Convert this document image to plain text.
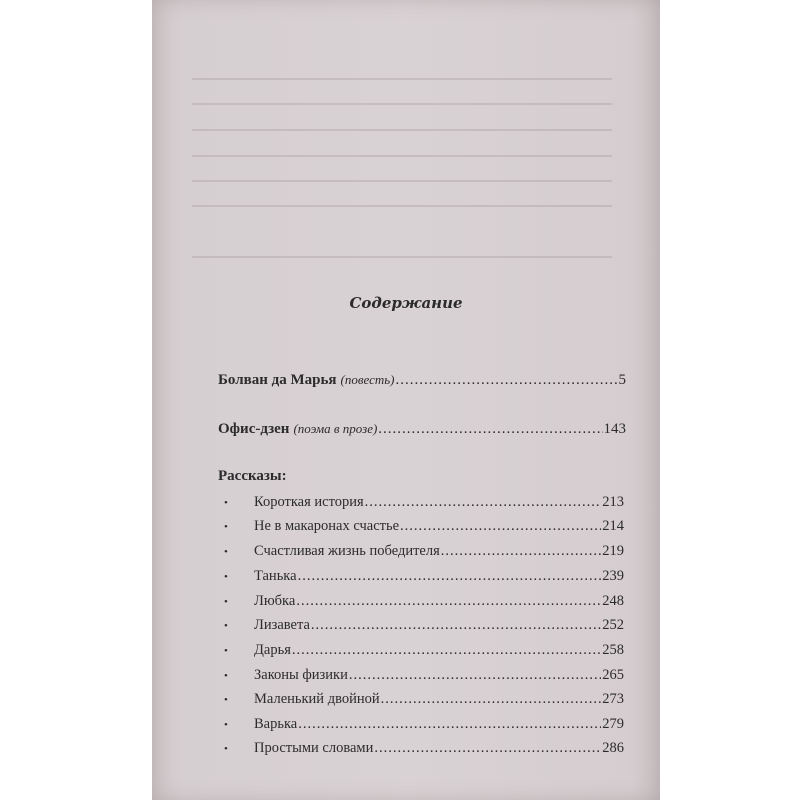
Содержание
Болван да Марья (повесть) .....	5
Офис-дзен (поэма в прозе) .....	143
Рассказы:
•	Короткая история .....	213
•	Не в макаронах счастье .....	214
•	Счастливая жизнь победителя .....	219
•	Танька .....	239
•	Любка .....	248
•	Лизавета .....	252
•	Дарья .....	258
•	Законы физики .....	265
•	Маленький двойной .....	273
•	Варька .....	279
•	Простыми словами .....	286
